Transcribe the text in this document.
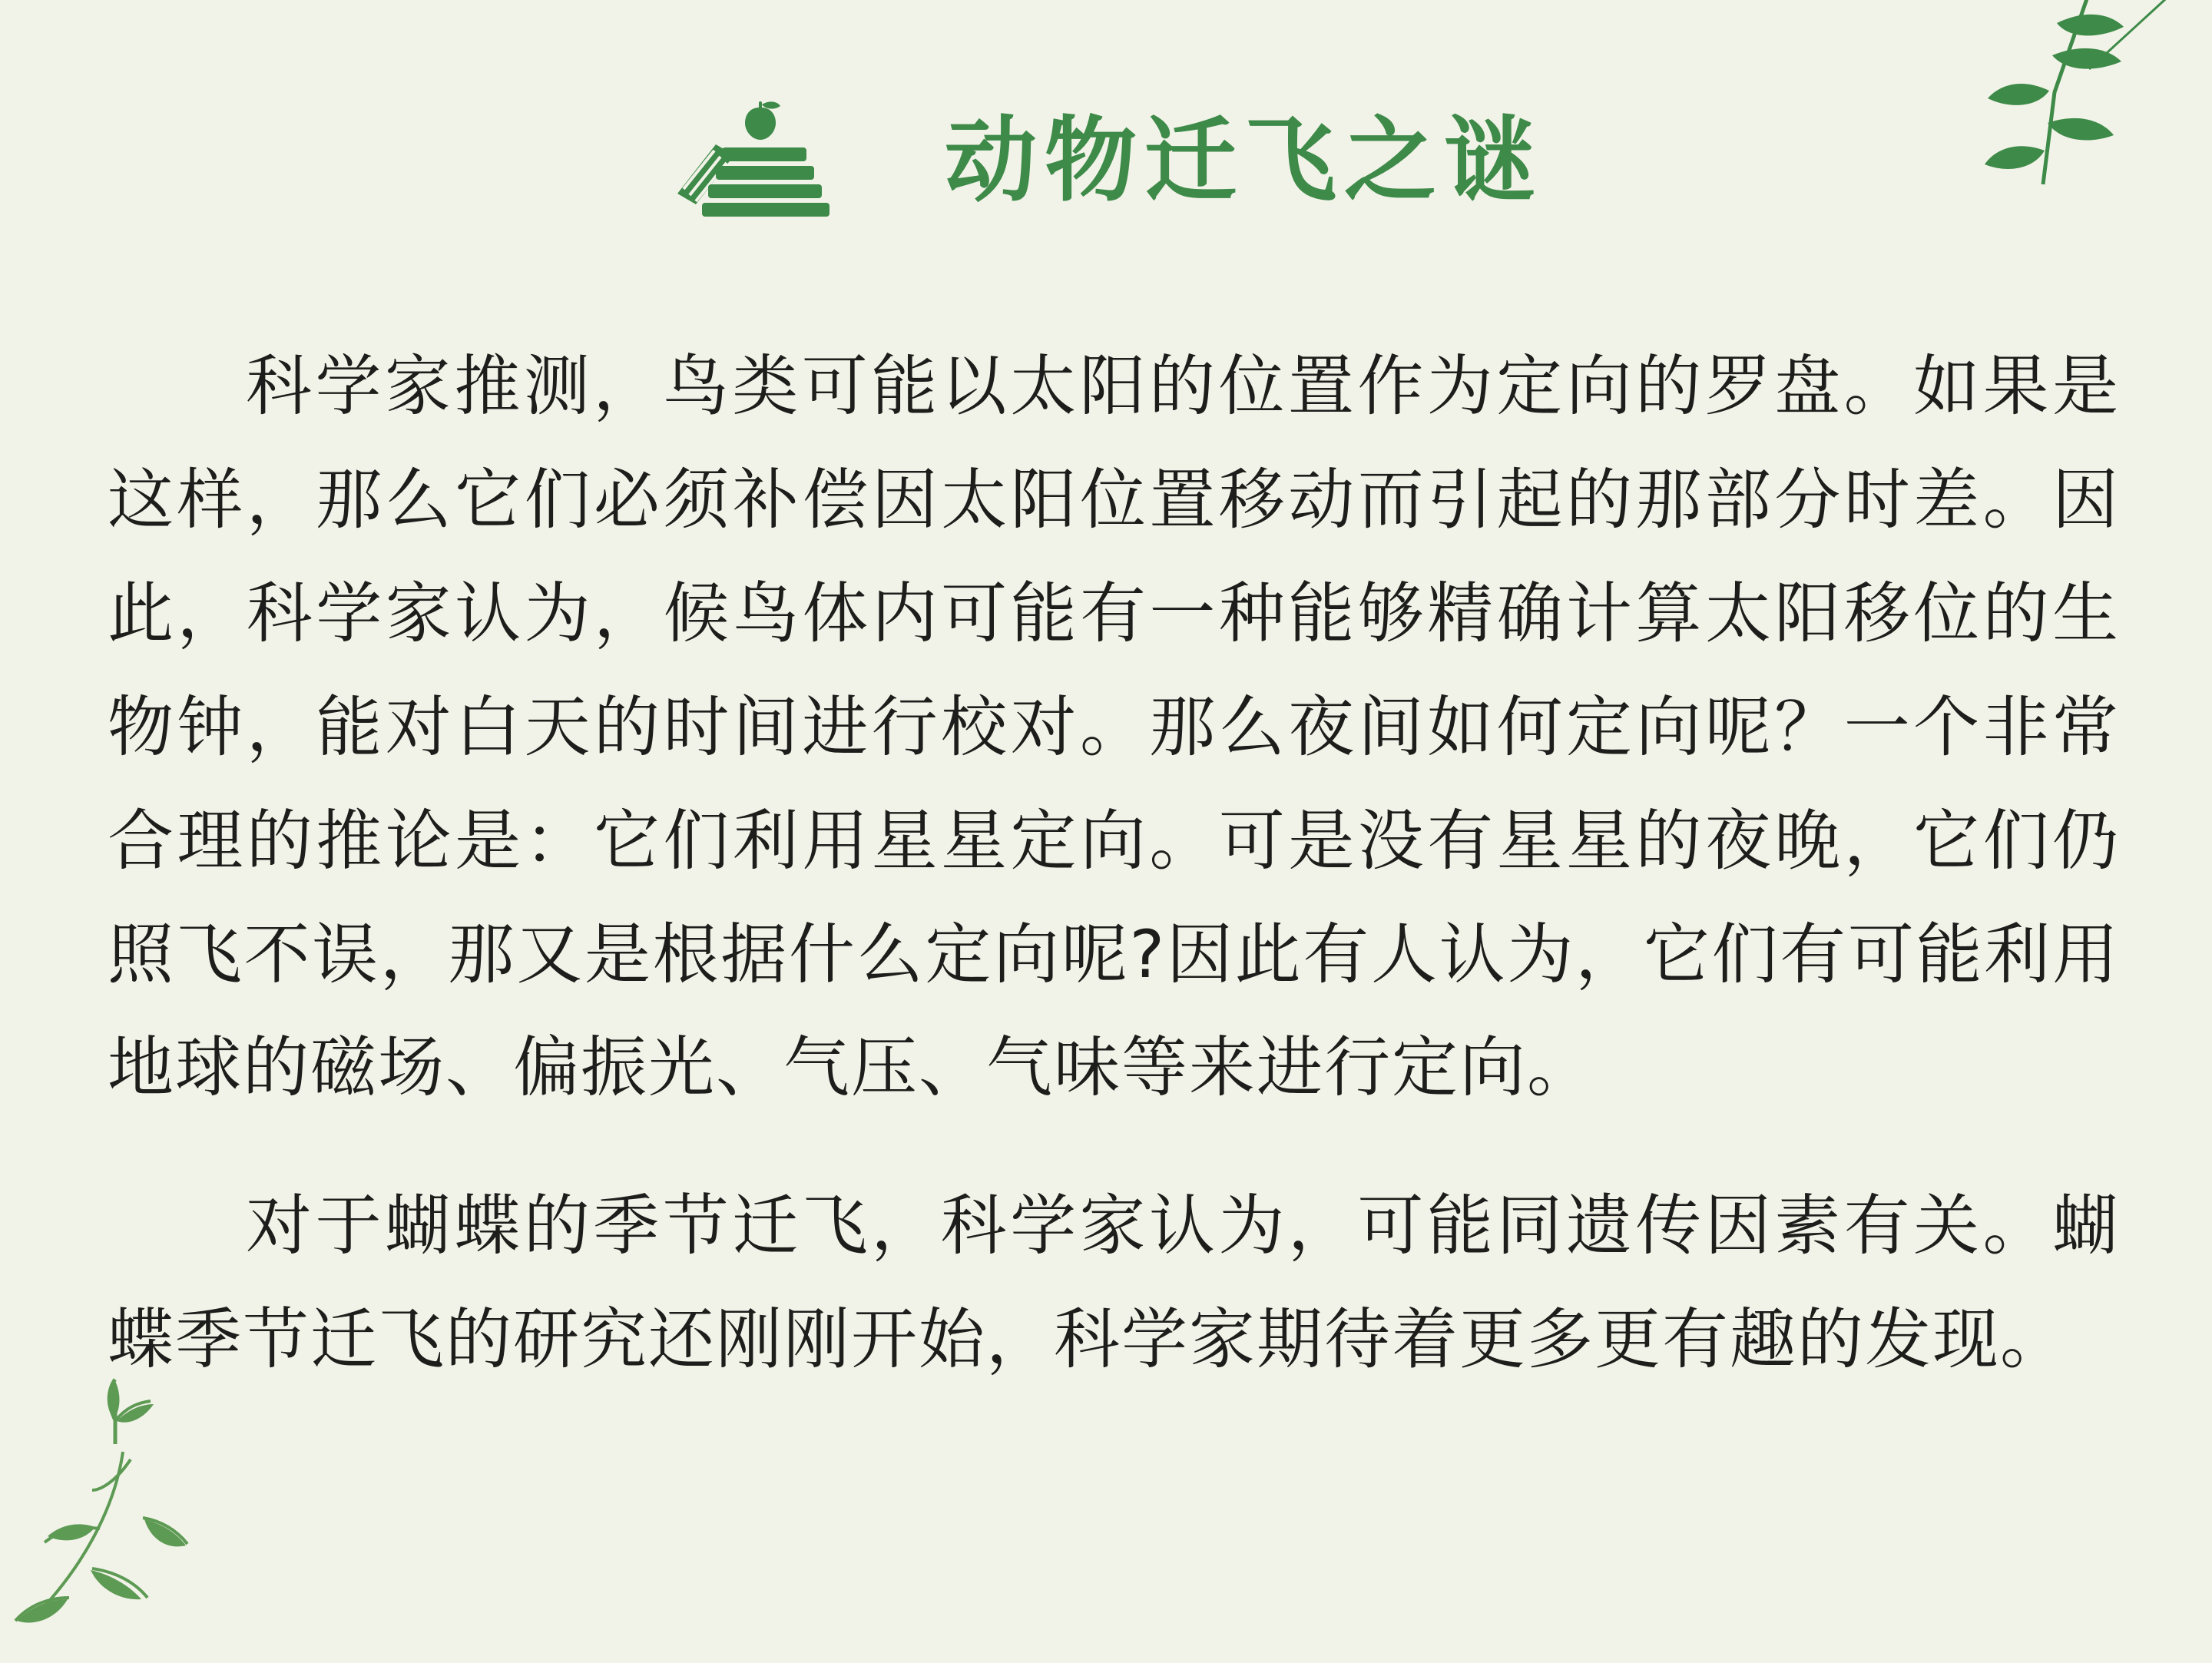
动物迁飞之谜

科学家推测，鸟类可能以太阳的位置作为定向的罗盘。如果是这样，那么它们必须补偿因太阳位置移动而引起的那部分时差。因此，科学家认为，候鸟体内可能有一种能够精确计算太阳移位的生物钟，能对白天的时间进行校对。那么夜间如何定向呢？一个非常合理的推论是：它们利用星星定向。可是没有星星的夜晚，它们仍照飞不误，那又是根据什么定向呢?因此有人认为，它们有可能利用地球的磁场、偏振光、气压、气味等来进行定向。

对于蝴蝶的季节迁飞，科学家认为，可能同遗传因素有关。蝴蝶季节迁飞的研究还刚刚开始，科学家期待着更多更有趣的发现。
